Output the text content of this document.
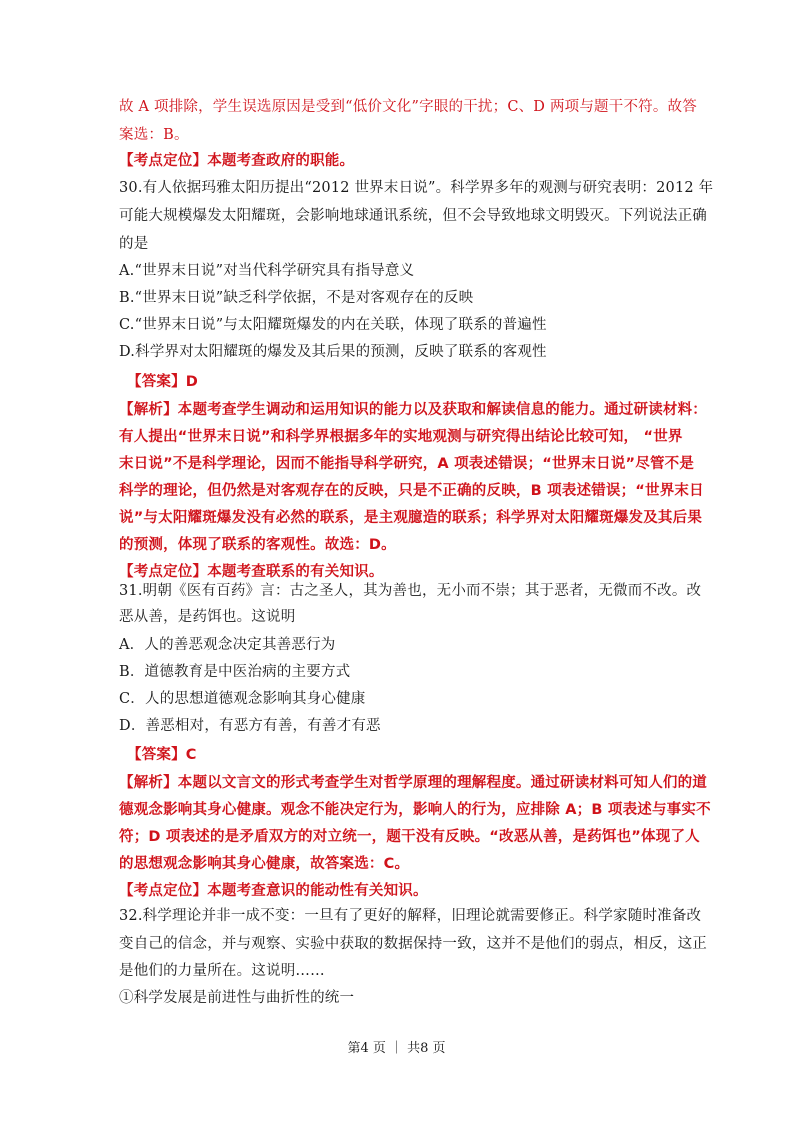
故 A 项排除，学生误选原因是受到“低价文化”字眼的干扰；C、D 两项与题干不符。故答
案选：B。
【考点定位】本题考查政府的职能。
30.有人依据玛雅太阳历提出“2012 世界末日说”。科学界多年的观测与研究表明：2012 年
可能大规模爆发太阳耀斑，会影响地球通讯系统，但不会导致地球文明毁灭。下列说法正确
的是
A.“世界末日说”对当代科学研究具有指导意义
B.“世界末日说”缺乏科学依据，不是对客观存在的反映
C.“世界末日说”与太阳耀斑爆发的内在关联，体现了联系的普遍性
D.科学界对太阳耀斑的爆发及其后果的预测，反映了联系的客观性
【答案】D
【解析】本题考查学生调动和运用知识的能力以及获取和解读信息的能力。通过研读材料：
有人提出“世界末日说”和科学界根据多年的实地观测与研究得出结论比较可知， “世界
末日说”不是科学理论，因而不能指导科学研究，A 项表述错误；“世界末日说”尽管不是
科学的理论，但仍然是对客观存在的反映，只是不正确的反映，B 项表述错误；“世界末日
说”与太阳耀斑爆发没有必然的联系，是主观臆造的联系；科学界对太阳耀斑爆发及其后果
的预测，体现了联系的客观性。故选：D。
【考点定位】本题考查联系的有关知识。
31.明朝《医有百药》言：古之圣人，其为善也，无小而不崇；其于恶者，无微而不改。改
恶从善，是药饵也。这说明
A．人的善恶观念决定其善恶行为
B．道德教育是中医治病的主要方式
C．人的思想道德观念影响其身心健康
D．善恶相对，有恶方有善，有善才有恶
【答案】C
【解析】本题以文言文的形式考查学生对哲学原理的理解程度。通过研读材料可知人们的道
德观念影响其身心健康。观念不能决定行为，影响人的行为，应排除 A；B 项表述与事实不
符；D 项表述的是矛盾双方的对立统一，题干没有反映。“改恶从善，是药饵也”体现了人
的思想观念影响其身心健康，故答案选：C。
【考点定位】本题考查意识的能动性有关知识。
32.科学理论并非一成不变：一旦有了更好的解释，旧理论就需要修正。科学家随时准备改
变自己的信念，并与观察、实验中获取的数据保持一致，这并不是他们的弱点，相反，这正
是他们的力量所在。这说明……
①科学发展是前进性与曲折性的统一
第4 页 ｜ 共8 页
